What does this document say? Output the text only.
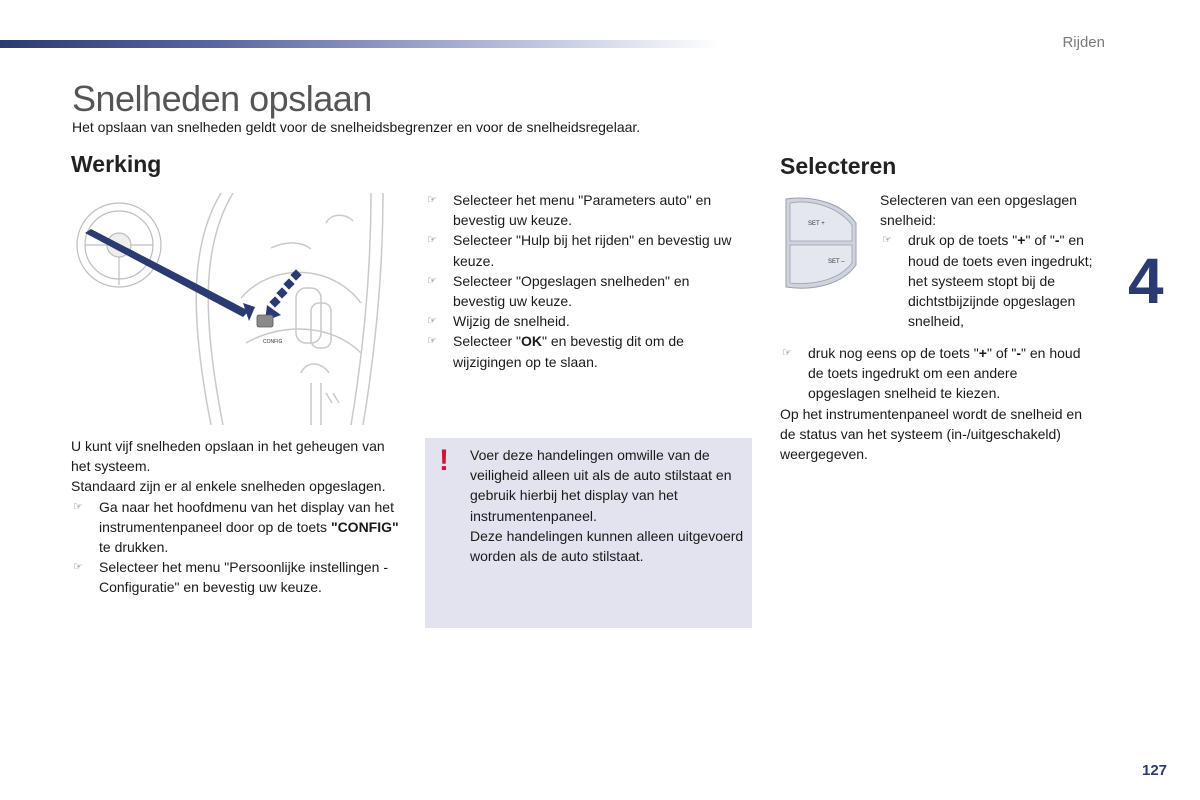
Rijden
Snelheden opslaan

Het opslaan van snelheden geldt voor de snelheidsbegrenzer en voor de snelheidsregelaar.

Werking	Selecteren
CONFIG

☞ Selecteer het menu "Parameters auto" en bevestig uw keuze.

☞ Selecteer "Hulp bij het rijden" en bevestig uw keuze.

☞ Selecteer "Opgeslagen snelheden" en bevestig uw keuze.

☞ Wijzig de snelheid.

☞ Selecteer "OK" en bevestig dit om de wijzigingen op te slaan.

U kunt vijf snelheden opslaan in het geheugen van het systeem.

Standaard zijn er al enkele snelheden opgeslagen.

☞ Ga naar het hoofdmenu van het display van het instrumentenpaneel door op de toets "CONFIG" te drukken.

☞ Selecteer het menu "Persoonlijke instellingen - Configuratie" en bevestig uw keuze.

! Voer deze handelingen omwille van de veiligheid alleen uit als de auto stilstaat en gebruik hierbij het display van het instrumentenpaneel.

Deze handelingen kunnen alleen uitgevoerd worden als de auto stilstaat.

SET +
SET –

Selecteren van een opgeslagen snelheid:

☞ druk op de toets "+" of "-" en houd de toets even ingedrukt; het systeem stopt bij de dichtstbijzijnde opgeslagen snelheid,

☞ druk nog eens op de toets "+" of "-" en houd de toets ingedrukt om een andere opgeslagen snelheid te kiezen.

Op het instrumentenpaneel wordt de snelheid en de status van het systeem (in-/uitgeschakeld) weergegeven.

4
127
